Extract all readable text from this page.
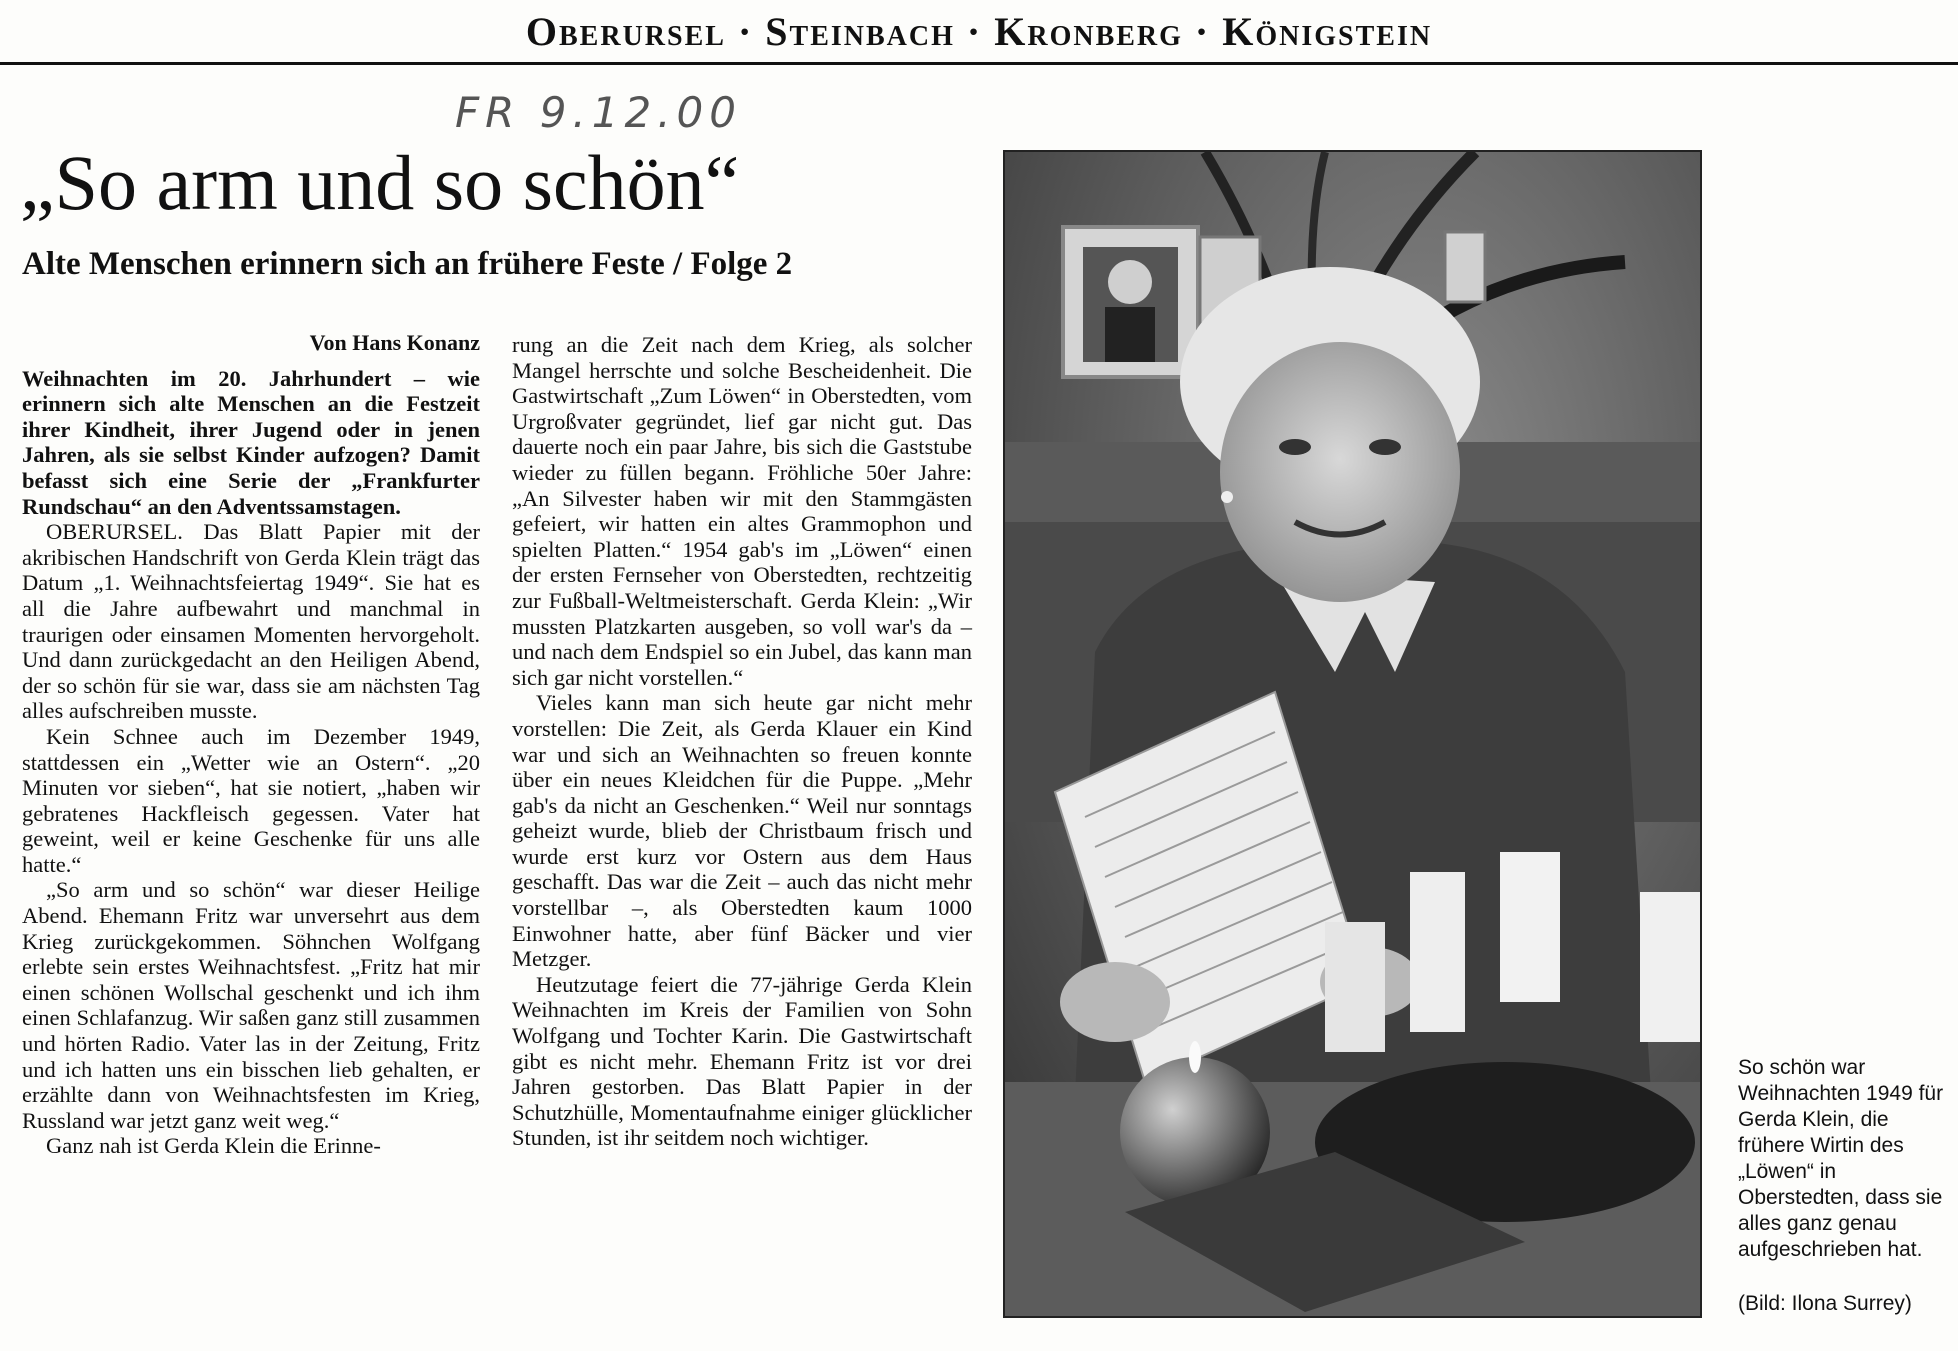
Oberursel · Steinbach · Kronberg · Königstein
FR 9.12.00
„So arm und so schön“
Alte Menschen erinnern sich an frühere Feste / Folge 2
Von Hans Konanz

Weihnachten im 20. Jahrhundert – wie erinnern sich alte Menschen an die Festzeit ihrer Kindheit, ihrer Jugend oder in jenen Jahren, als sie selbst Kinder aufzogen? Damit befasst sich eine Serie der „Frankfurter Rundschau“ an den Adventssamstagen.

OBERURSEL. Das Blatt Papier mit der akribischen Handschrift von Gerda Klein trägt das Datum „1. Weihnachtsfeiertag 1949“. Sie hat es all die Jahre aufbewahrt und manchmal in traurigen oder einsamen Momenten hervorgeholt. Und dann zurückgedacht an den Heiligen Abend, der so schön für sie war, dass sie am nächsten Tag alles aufschreiben musste.

Kein Schnee auch im Dezember 1949, stattdessen ein „Wetter wie an Ostern“. „20 Minuten vor sieben“, hat sie notiert, „haben wir gebratenes Hackfleisch gegessen. Vater hat geweint, weil er keine Geschenke für uns alle hatte.“

„So arm und so schön“ war dieser Heilige Abend. Ehemann Fritz war unversehrt aus dem Krieg zurückgekommen. Söhnchen Wolfgang erlebte sein erstes Weihnachtsfest. „Fritz hat mir einen schönen Wollschal geschenkt und ich ihm einen Schlafanzug. Wir saßen ganz still zusammen und hörten Radio. Vater las in der Zeitung, Fritz und ich hatten uns ein bisschen lieb gehalten, er erzählte dann von Weihnachtsfesten im Krieg, Russland war jetzt ganz weit weg.“

Ganz nah ist Gerda Klein die Erinne-

rung an die Zeit nach dem Krieg, als solcher Mangel herrschte und solche Bescheidenheit. Die Gastwirtschaft „Zum Löwen“ in Oberstedten, vom Urgroßvater gegründet, lief gar nicht gut. Das dauerte noch ein paar Jahre, bis sich die Gaststube wieder zu füllen begann. Fröhliche 50er Jahre: „An Silvester haben wir mit den Stammgästen gefeiert, wir hatten ein altes Grammophon und spielten Platten.“ 1954 gab's im „Löwen“ einen der ersten Fernseher von Oberstedten, rechtzeitig zur Fußball-Weltmeisterschaft. Gerda Klein: „Wir mussten Platzkarten ausgeben, so voll war's da – und nach dem Endspiel so ein Jubel, das kann man sich gar nicht vorstellen.“

Vieles kann man sich heute gar nicht mehr vorstellen: Die Zeit, als Gerda Klauer ein Kind war und sich an Weihnachten so freuen konnte über ein neues Kleidchen für die Puppe. „Mehr gab's da nicht an Geschenken.“ Weil nur sonntags geheizt wurde, blieb der Christbaum frisch und wurde erst kurz vor Ostern aus dem Haus geschafft. Das war die Zeit – auch das nicht mehr vorstellbar –, als Oberstedten kaum 1000 Einwohner hatte, aber fünf Bäcker und vier Metzger.

Heutzutage feiert die 77-jährige Gerda Klein Weihnachten im Kreis der Familien von Sohn Wolfgang und Tochter Karin. Die Gastwirtschaft gibt es nicht mehr. Ehemann Fritz ist vor drei Jahren gestorben. Das Blatt Papier in der Schutzhülle, Momentaufnahme einiger glücklicher Stunden, ist ihr seitdem noch wichtiger.

So schön war Weihnachten 1949 für Gerda Klein, die frühere Wirtin des „Löwen“ in Oberstedten, dass sie alles ganz genau aufgeschrieben hat.
(Bild: Ilona Surrey)
